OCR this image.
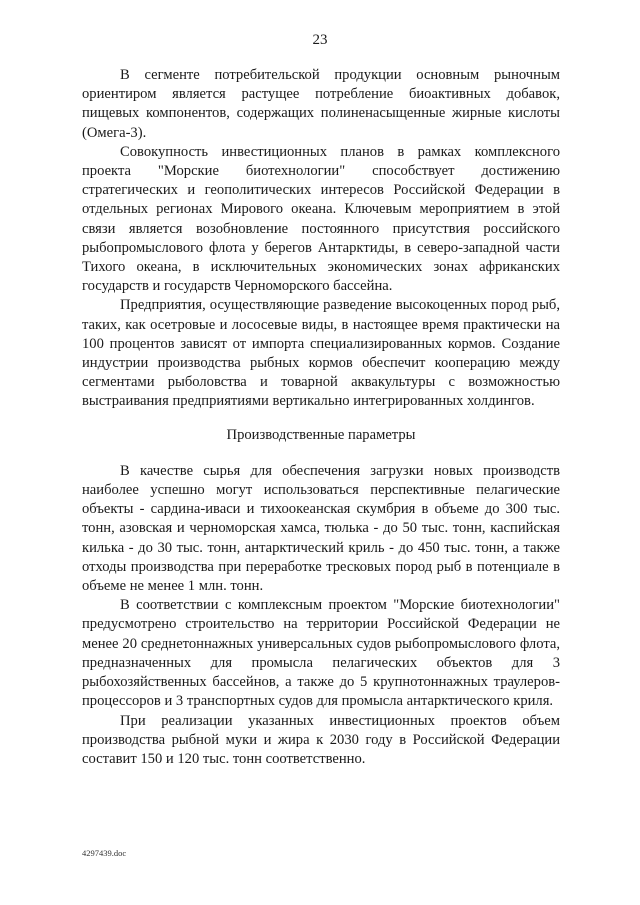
23

В сегменте потребительской продукции основным рыночным ориентиром является растущее потребление биоактивных добавок, пищевых компонентов, содержащих полиненасыщенные жирные кислоты (Омега-3).

Совокупность инвестиционных планов в рамках комплексного проекта "Морские биотехнологии" способствует достижению стратегических и геополитических интересов Российской Федерации в отдельных регионах Мирового океана. Ключевым мероприятием в этой связи является возобновление постоянного присутствия российского рыбопромыслового флота у берегов Антарктиды, в северо-западной части Тихого океана, в исключительных экономических зонах африканских государств и государств Черноморского бассейна.

Предприятия, осуществляющие разведение высокоценных пород рыб, таких, как осетровые и лососевые виды, в настоящее время практически на 100 процентов зависят от импорта специализированных кормов. Создание индустрии производства рыбных кормов обеспечит кооперацию между сегментами рыболовства и товарной аквакультуры с возможностью выстраивания предприятиями вертикально интегрированных холдингов.

Производственные параметры

В качестве сырья для обеспечения загрузки новых производств наиболее успешно могут использоваться перспективные пелагические объекты - сардина-иваси и тихоокеанская скумбрия в объеме до 300 тыс. тонн, азовская и черноморская хамса, тюлька - до 50 тыс. тонн, каспийская килька - до 30 тыс. тонн, антарктический криль - до 450 тыс. тонн, а также отходы производства при переработке тресковых пород рыб в потенциале в объеме не менее 1 млн. тонн.

В соответствии с комплексным проектом "Морские биотехнологии" предусмотрено строительство на территории Российской Федерации не менее 20 среднетоннажных универсальных судов рыбопромыслового флота, предназначенных для промысла пелагических объектов для 3 рыбохозяйственных бассейнов, а также до 5 крупнотоннажных траулеров-процессоров и 3 транспортных судов для промысла антарктического криля.

При реализации указанных инвестиционных проектов объем производства рыбной муки и жира к 2030 году в Российской Федерации составит 150 и 120 тыс. тонн соответственно.

4297439.doc
